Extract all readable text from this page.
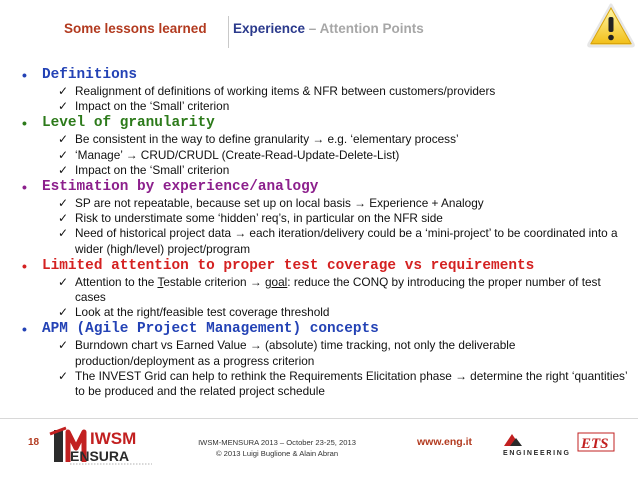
Some lessons learned Experience – Attention Points
• Definitions
✓ Realignment of definitions of working items & NFR between customers/providers
✓ Impact on the ‘Small’ criterion
• Level of granularity
✓ Be consistent in the way to define granularity → e.g. ‘elementary process’
✓ ‘Manage’ → CRUD/CRUDL (Create-Read-Update-Delete-List)
✓ Impact on the ‘Small’ criterion
• Estimation by experience/analogy
✓ SP are not repeatable, because set up on local basis → Experience + Analogy
✓ Risk to understimate some ‘hidden’ req’s, in particular on the NFR side
✓ Need of historical project data → each iteration/delivery could be a ‘mini-project’ to be coordinated into a wider (high/level) project/program
• Limited attention to proper test coverage vs requirements
✓ Attention to the Testable criterion → goal: reduce the CONQ by introducing the proper number of test cases
✓ Look at the right/feasible test coverage threshold
• APM (Agile Project Management) concepts
✓ Burndown chart vs Earned Value → (absolute) time tracking, not only the deliverable production/deployment as a progress criterion
✓ The INVEST Grid can help to rethink the Requirements Elicitation phase → determine the right ‘quantities’ to be produced and the related project schedule
18	IWSM
ENSURA
IWSM-MENSURA 2013 – October 23-25, 2013
© 2013 Luigi Buglione & Alain Abran
www.eng.it
ENGINEERING
ETS
